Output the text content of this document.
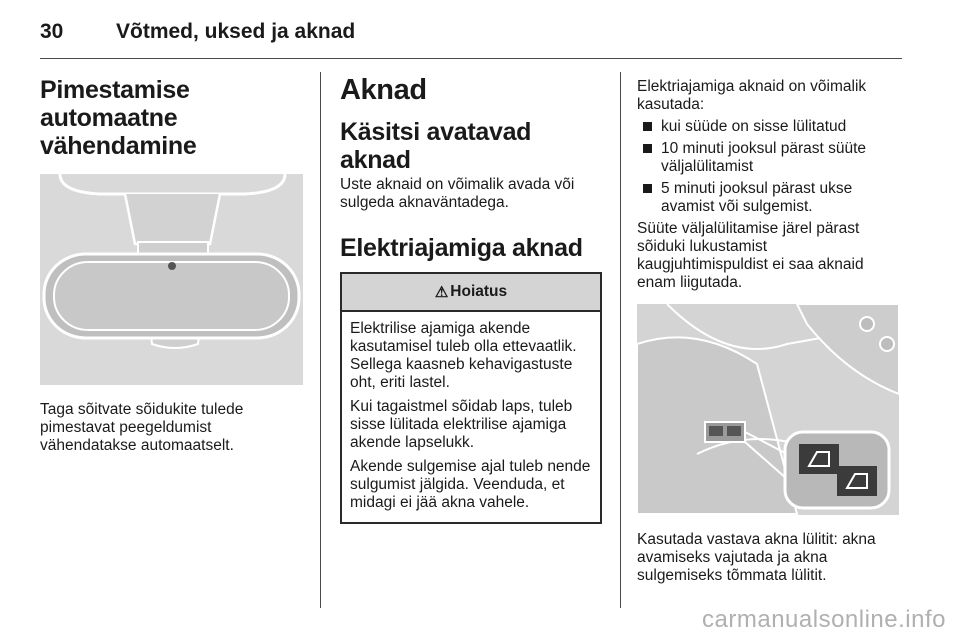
30	Võtmed, uksed ja aknad
Pimestamise automaatne vähendamine

Taga sõitvate sõidukite tulede pimestavat peegeldumist vähendatakse automaatselt.

Aknad
Käsitsi avatavad aknad

Uste aknaid on võimalik avada või sulgeda aknaväntadega.

Elektriajamiga aknad
⚠ Hoiatus

Elektrilise ajamiga akende kasutamisel tuleb olla ettevaatlik. Sellega kaasneb kehavigastuste oht, eriti lastel.

Kui tagaistmel sõidab laps, tuleb sisse lülitada elektrilise ajamiga akende lapselukk.

Akende sulgemise ajal tuleb nende sulgumist jälgida. Veenduda, et midagi ei jää akna vahele.

Elektriajamiga aknaid on võimalik kasutada:

kui süüde on sisse lülitatud
10 minuti jooksul pärast süüte väljalülitamist
5 minuti jooksul pärast ukse avamist või sulgemist.

Süüte väljalülitamise järel pärast sõiduki lukustamist kaugjuhtimispuldist ei saa aknaid enam liigutada.

Kasutada vastava akna lülitit: akna avamiseks vajutada ja akna sulgemiseks tõmmata lülitit.

carmanualsonline.info
